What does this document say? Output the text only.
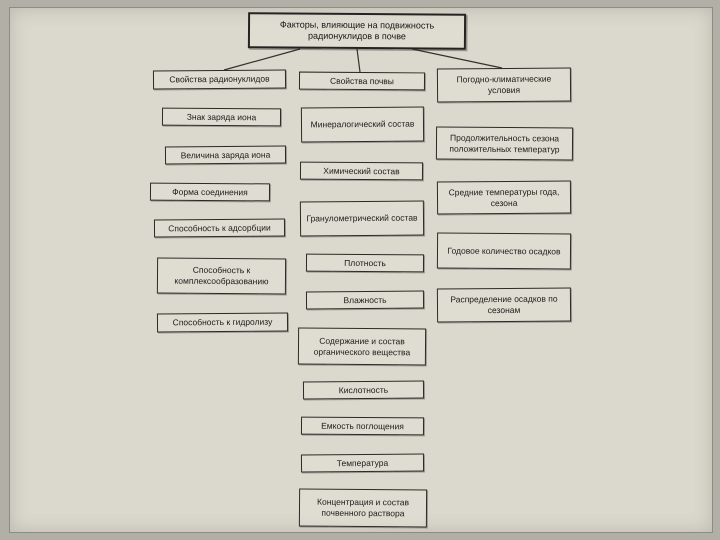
Факторы, влияющие на подвижность радионуклидов в почве
Свойства радионуклидов
Знак заряда иона
Величина заряда иона
Форма соединения
Способность к адсорбции
Способность к комплексообразованию
Способность к гидролизу
Свойства почвы
Минералогический состав
Химический состав
Гранулометрический состав
Плотность
Влажность
Содержание и состав органического вещества
Кислотность
Емкость поглощения
Температура
Концентрация и состав почвенного раствора
Погодно-климатические условия
Продолжительность сезона положительных температур
Средние температуры года, сезона
Годовое количество осадков
Распределение осадков по сезонам
